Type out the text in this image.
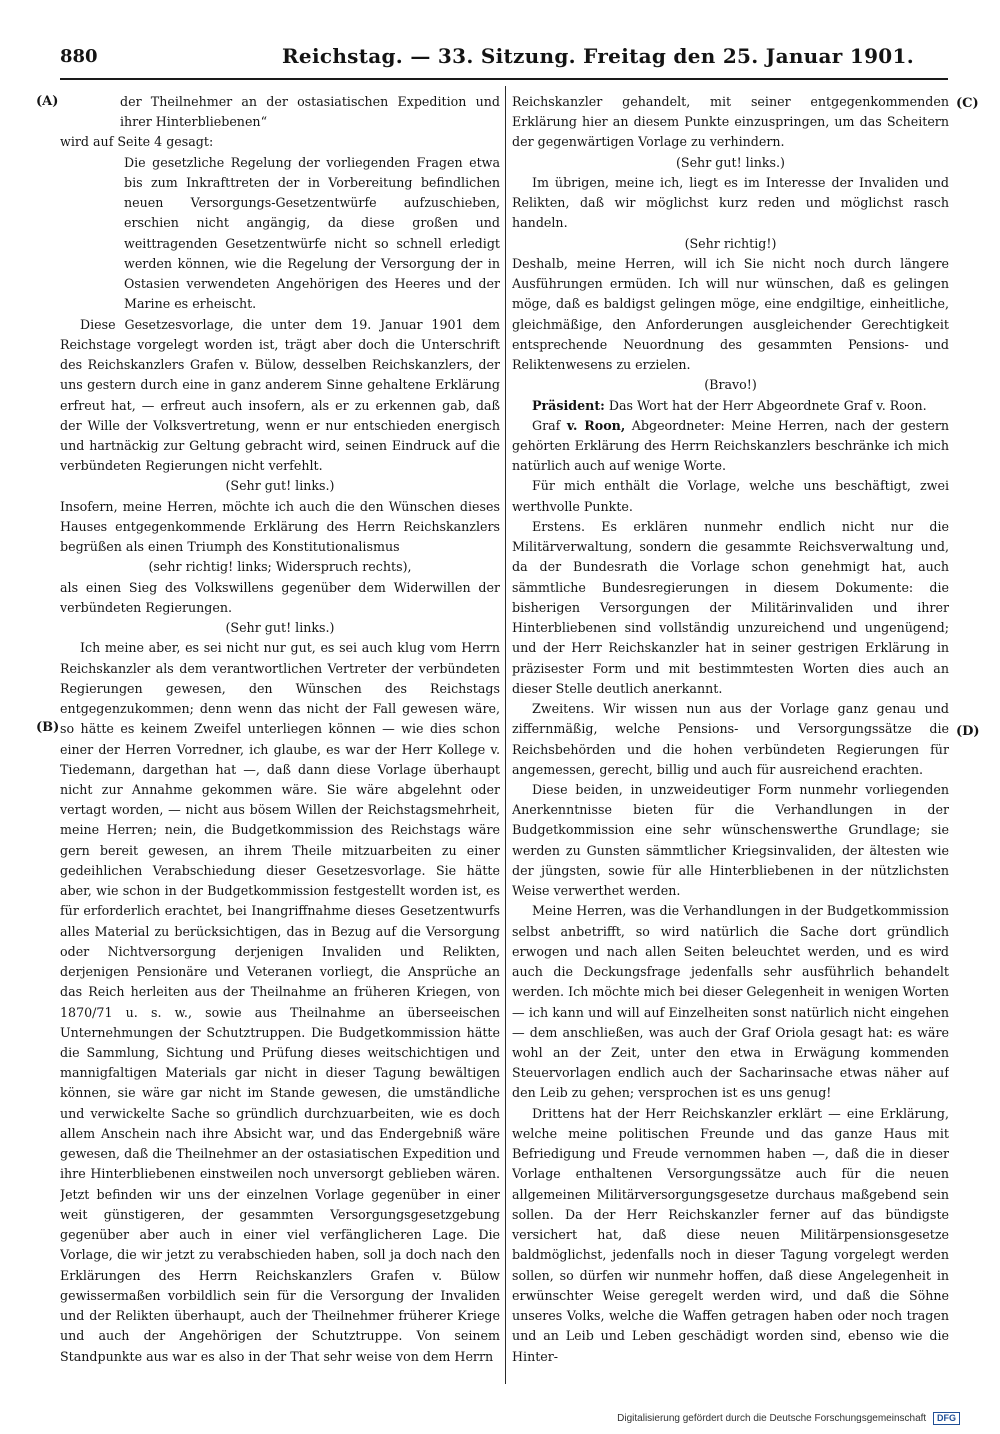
880	Reichstag. — 33. Sitzung. Freitag den 25. Januar 1901.
(A)
(B)
(C)
(D)

der Theilnehmer an der ostasiatischen Expedition und ihrer Hinterbliebenen“

wird auf Seite 4 gesagt:

Die gesetzliche Regelung der vorliegenden Fragen etwa bis zum Inkrafttreten der in Vorbereitung befindlichen neuen Versorgungs-Gesetzentwürfe aufzuschieben, erschien nicht angängig, da diese großen und weittragenden Gesetzentwürfe nicht so schnell erledigt werden können, wie die Regelung der Versorgung der in Ostasien verwendeten Angehörigen des Heeres und der Marine es erheischt.

Diese Gesetzesvorlage, die unter dem 19. Januar 1901 dem Reichstage vorgelegt worden ist, trägt aber doch die Unterschrift des Reichskanzlers Grafen v. Bülow, desselben Reichskanzlers, der uns gestern durch eine in ganz anderem Sinne gehaltene Erklärung erfreut hat, — erfreut auch insofern, als er zu erkennen gab, daß der Wille der Volksvertretung, wenn er nur entschieden energisch und hartnäckig zur Geltung gebracht wird, seinen Eindruck auf die verbündeten Regierungen nicht verfehlt.

(Sehr gut! links.)

Insofern, meine Herren, möchte ich auch die den Wünschen dieses Hauses entgegenkommende Erklärung des Herrn Reichskanzlers begrüßen als einen Triumph des Konstitutionalismus

(sehr richtig! links; Widerspruch rechts),

als einen Sieg des Volkswillens gegenüber dem Widerwillen der verbündeten Regierungen.

(Sehr gut! links.)

Ich meine aber, es sei nicht nur gut, es sei auch klug vom Herrn Reichskanzler als dem verantwortlichen Vertreter der verbündeten Regierungen gewesen, den Wünschen des Reichstags entgegenzukommen; denn wenn das nicht der Fall gewesen wäre, so hätte es keinem Zweifel unterliegen können — wie dies schon einer der Herren Vorredner, ich glaube, es war der Herr Kollege v. Tiedemann, dargethan hat —, daß dann diese Vorlage überhaupt nicht zur Annahme gekommen wäre. Sie wäre abgelehnt oder vertagt worden, — nicht aus bösem Willen der Reichstagsmehrheit, meine Herren; nein, die Budgetkommission des Reichstags wäre gern bereit gewesen, an ihrem Theile mitzuarbeiten zu einer gedeihlichen Verabschiedung dieser Gesetzesvorlage. Sie hätte aber, wie schon in der Budgetkommission festgestellt worden ist, es für erforderlich erachtet, bei Inangriffnahme dieses Gesetzentwurfs alles Material zu berücksichtigen, das in Bezug auf die Versorgung oder Nichtversorgung derjenigen Invaliden und Relikten, derjenigen Pensionäre und Veteranen vorliegt, die Ansprüche an das Reich herleiten aus der Theilnahme an früheren Kriegen, von 1870/71 u. s. w., sowie aus Theilnahme an überseeischen Unternehmungen der Schutztruppen. Die Budgetkommission hätte die Sammlung, Sichtung und Prüfung dieses weitschichtigen und mannigfaltigen Materials gar nicht in dieser Tagung bewältigen können, sie wäre gar nicht im Stande gewesen, die umständliche und verwickelte Sache so gründlich durchzuarbeiten, wie es doch allem Anschein nach ihre Absicht war, und das Endergebniß wäre gewesen, daß die Theilnehmer an der ostasiatischen Expedition und ihre Hinterbliebenen einstweilen noch unversorgt geblieben wären. Jetzt befinden wir uns der einzelnen Vorlage gegenüber in einer weit günstigeren, der gesammten Versorgungsgesetzgebung gegenüber aber auch in einer viel verfänglicheren Lage. Die Vorlage, die wir jetzt zu verabschieden haben, soll ja doch nach den Erklärungen des Herrn Reichskanzlers Grafen v. Bülow gewissermaßen vorbildlich sein für die Versorgung der Invaliden und der Relikten überhaupt, auch der Theilnehmer früherer Kriege und auch der Angehörigen der Schutztruppe. Von seinem Standpunkte aus war es also in der That sehr weise von dem Herrn

Reichskanzler gehandelt, mit seiner entgegenkommenden Erklärung hier an diesem Punkte einzuspringen, um das Scheitern der gegenwärtigen Vorlage zu verhindern.

(Sehr gut! links.)

Im übrigen, meine ich, liegt es im Interesse der Invaliden und Relikten, daß wir möglichst kurz reden und möglichst rasch handeln.

(Sehr richtig!)

Deshalb, meine Herren, will ich Sie nicht noch durch längere Ausführungen ermüden. Ich will nur wünschen, daß es gelingen möge, daß es baldigst gelingen möge, eine endgiltige, einheitliche, gleichmäßige, den Anforderungen ausgleichender Gerechtigkeit entsprechende Neuordnung des gesammten Pensions- und Reliktenwesens zu erzielen.

(Bravo!)

Präsident: Das Wort hat der Herr Abgeordnete Graf v. Roon.

Graf v. Roon, Abgeordneter: Meine Herren, nach der gestern gehörten Erklärung des Herrn Reichskanzlers beschränke ich mich natürlich auch auf wenige Worte.

Für mich enthält die Vorlage, welche uns beschäftigt, zwei werthvolle Punkte.

Erstens. Es erklären nunmehr endlich nicht nur die Militärverwaltung, sondern die gesammte Reichsverwaltung und, da der Bundesrath die Vorlage schon genehmigt hat, auch sämmtliche Bundesregierungen in diesem Dokumente: die bisherigen Versorgungen der Militärinvaliden und ihrer Hinterbliebenen sind vollständig unzureichend und ungenügend; und der Herr Reichskanzler hat in seiner gestrigen Erklärung in präzisester Form und mit bestimmtesten Worten dies auch an dieser Stelle deutlich anerkannt.

Zweitens. Wir wissen nun aus der Vorlage ganz genau und ziffernmäßig, welche Pensions- und Versorgungssätze die Reichsbehörden und die hohen verbündeten Regierungen für angemessen, gerecht, billig und auch für ausreichend erachten.

Diese beiden, in unzweideutiger Form nunmehr vorliegenden Anerkenntnisse bieten für die Verhandlungen in der Budgetkommission eine sehr wünschenswerthe Grundlage; sie werden zu Gunsten sämmtlicher Kriegsinvaliden, der ältesten wie der jüngsten, sowie für alle Hinterbliebenen in der nützlichsten Weise verwerthet werden.

Meine Herren, was die Verhandlungen in der Budgetkommission selbst anbetrifft, so wird natürlich die Sache dort gründlich erwogen und nach allen Seiten beleuchtet werden, und es wird auch die Deckungsfrage jedenfalls sehr ausführlich behandelt werden. Ich möchte mich bei dieser Gelegenheit in wenigen Worten — ich kann und will auf Einzelheiten sonst natürlich nicht eingehen — dem anschließen, was auch der Graf Oriola gesagt hat: es wäre wohl an der Zeit, unter den etwa in Erwägung kommenden Steuervorlagen endlich auch der Sacharinsache etwas näher auf den Leib zu gehen; versprochen ist es uns genug!

Drittens hat der Herr Reichskanzler erklärt — eine Erklärung, welche meine politischen Freunde und das ganze Haus mit Befriedigung und Freude vernommen haben —, daß die in dieser Vorlage enthaltenen Versorgungssätze auch für die neuen allgemeinen Militärversorgungsgesetze durchaus maßgebend sein sollen. Da der Herr Reichskanzler ferner auf das bündigste versichert hat, daß diese neuen Militärpensionsgesetze baldmöglichst, jedenfalls noch in dieser Tagung vorgelegt werden sollen, so dürfen wir nunmehr hoffen, daß diese Angelegenheit in erwünschter Weise geregelt werden wird, und daß die Söhne unseres Volks, welche die Waffen getragen haben oder noch tragen und an Leib und Leben geschädigt worden sind, ebenso wie die Hinter-

Digitalisierung gefördert durch die Deutsche Forschungsgemeinschaft DFG
